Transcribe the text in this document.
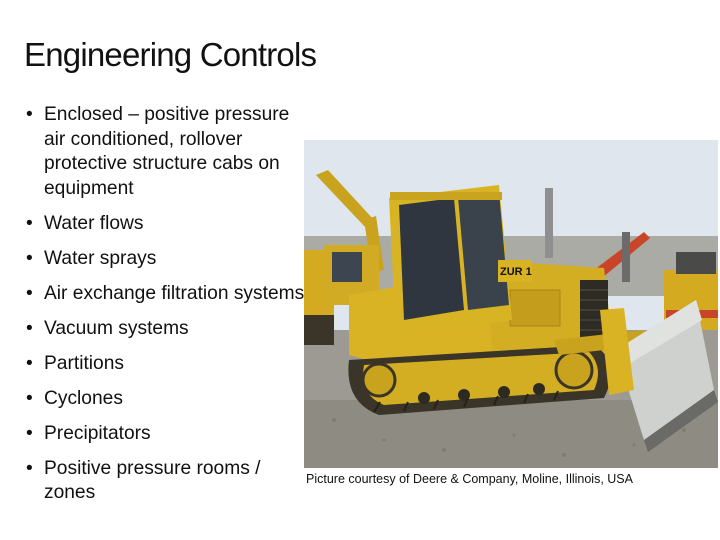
Engineering Controls
• Enclosed – positive pressure air conditioned, rollover protective structure cabs on equipment
• Water flows
• Water sprays
• Air exchange filtration systems
• Vacuum systems
• Partitions
• Cyclones
• Precipitators
• Positive pressure rooms / zones
ZUR 1
Picture courtesy of Deere & Company, Moline, Illinois, USA
